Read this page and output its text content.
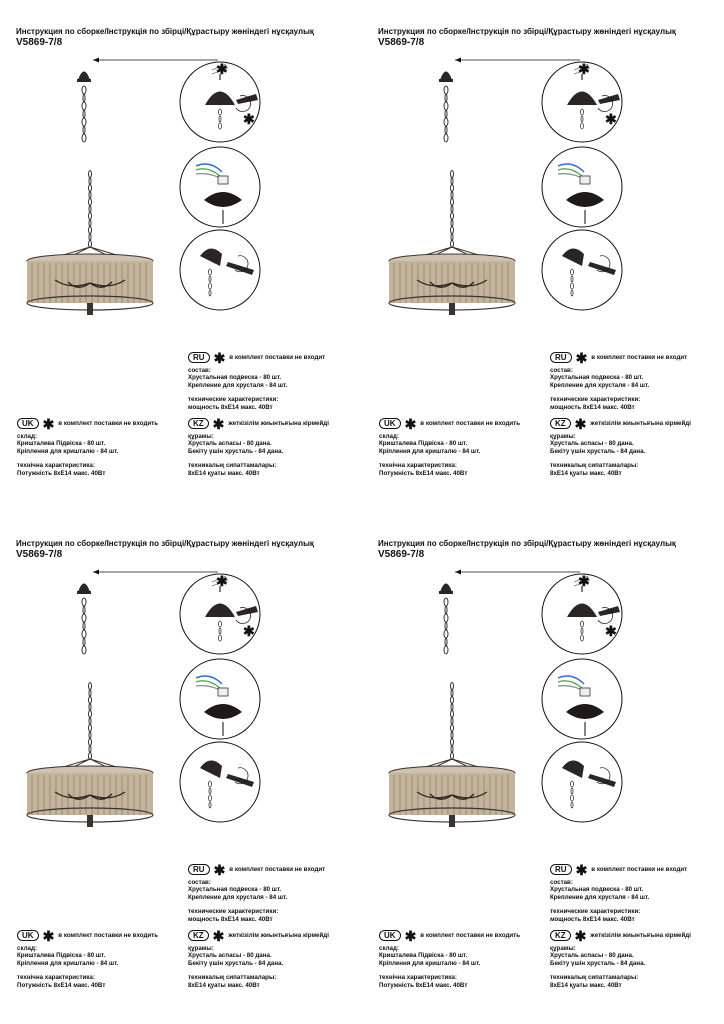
✱
✱
Инструкция по сборке/Інструкція по збірці/Құрастыру жөніндегі нұсқаулық
V5869-7/8
RU ✱ в комплект поставки не входит
состав:
Хрустальная подвеска - 80 шт.
Крепление для хрусталя - 84 шт.
технические характеристики:
мощность 8хЕ14 макс. 40Вт
UK ✱ в комплект поставки не входить
склад:
Кришталева Підвіска - 80 шт.
Кріплення для кришталю - 84 шт.
технічна характеристика:
Потужність 8хЕ14 макс. 40Вт
KZ ✱ жеткізілім жиынтығына кірмейді
құрамы:
Хрусталь аспасы - 80 дана.
Бекіту үшін хрусталь - 84 дана.
техникалық сипаттамалары:
8хЕ14 қуаты макс. 40Вт
✱
✱
Инструкция по сборке/Інструкція по збірці/Құрастыру жөніндегі нұсқаулық
V5869-7/8
RU ✱ в комплект поставки не входит
состав:
Хрустальная подвеска - 80 шт.
Крепление для хрусталя - 84 шт.
технические характеристики:
мощность 8хЕ14 макс. 40Вт
UK ✱ в комплект поставки не входить
склад:
Кришталева Підвіска - 80 шт.
Кріплення для кришталю - 84 шт.
технічна характеристика:
Потужність 8хЕ14 макс. 40Вт
KZ ✱ жеткізілім жиынтығына кірмейді
құрамы:
Хрусталь аспасы - 80 дана.
Бекіту үшін хрусталь - 84 дана.
техникалық сипаттамалары:
8хЕ14 қуаты макс. 40Вт
✱
✱
Инструкция по сборке/Інструкція по збірці/Құрастыру жөніндегі нұсқаулық
V5869-7/8
RU ✱ в комплект поставки не входит
состав:
Хрустальная подвеска - 80 шт.
Крепление для хрусталя - 84 шт.
технические характеристики:
мощность 8хЕ14 макс. 40Вт
UK ✱ в комплект поставки не входить
склад:
Кришталева Підвіска - 80 шт.
Кріплення для кришталю - 84 шт.
технічна характеристика:
Потужність 8хЕ14 макс. 40Вт
KZ ✱ жеткізілім жиынтығына кірмейді
құрамы:
Хрусталь аспасы - 80 дана.
Бекіту үшін хрусталь - 84 дана.
техникалық сипаттамалары:
8хЕ14 қуаты макс. 40Вт
✱
✱
Инструкция по сборке/Інструкція по збірці/Құрастыру жөніндегі нұсқаулық
V5869-7/8
RU ✱ в комплект поставки не входит
состав:
Хрустальная подвеска - 80 шт.
Крепление для хрусталя - 84 шт.
технические характеристики:
мощность 8хЕ14 макс. 40Вт
UK ✱ в комплект поставки не входить
склад:
Кришталева Підвіска - 80 шт.
Кріплення для кришталю - 84 шт.
технічна характеристика:
Потужність 8хЕ14 макс. 40Вт
KZ ✱ жеткізілім жиынтығына кірмейді
құрамы:
Хрусталь аспасы - 80 дана.
Бекіту үшін хрусталь - 84 дана.
техникалық сипаттамалары:
8хЕ14 қуаты макс. 40Вт
